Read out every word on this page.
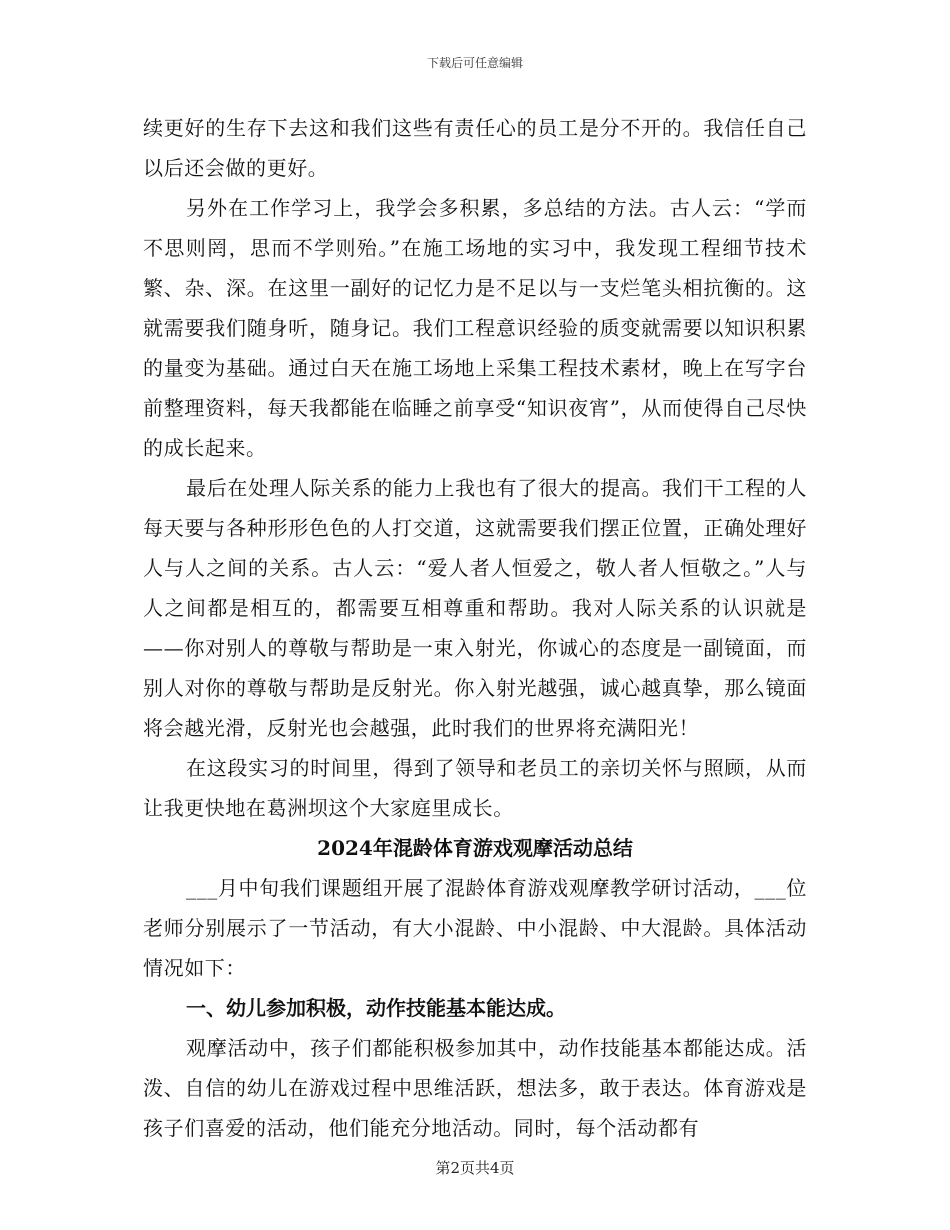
下载后可任意编辑

续更好的生存下去这和我们这些有责任心的员工是分不开的。我信任自己以后还会做的更好。

另外在工作学习上，我学会多积累，多总结的方法。古人云：“学而不思则罔，思而不学则殆。”在施工场地的实习中，我发现工程细节技术繁、杂、深。在这里一副好的记忆力是不足以与一支烂笔头相抗衡的。这就需要我们随身听，随身记。我们工程意识经验的质变就需要以知识积累的量变为基础。通过白天在施工场地上采集工程技术素材，晚上在写字台前整理资料，每天我都能在临睡之前享受“知识夜宵”，从而使得自己尽快的成长起来。

最后在处理人际关系的能力上我也有了很大的提高。我们干工程的人每天要与各种形形色色的人打交道，这就需要我们摆正位置，正确处理好人与人之间的关系。古人云：“爱人者人恒爱之，敬人者人恒敬之。”人与人之间都是相互的，都需要互相尊重和帮助。我对人际关系的认识就是——你对别人的尊敬与帮助是一束入射光，你诚心的态度是一副镜面，而别人对你的尊敬与帮助是反射光。你入射光越强，诚心越真挚，那么镜面将会越光滑，反射光也会越强，此时我们的世界将充满阳光！

在这段实习的时间里，得到了领导和老员工的亲切关怀与照顾，从而让我更快地在葛洲坝这个大家庭里成长。

2024年混龄体育游戏观摩活动总结

___月中旬我们课题组开展了混龄体育游戏观摩教学研讨活动，___位老师分别展示了一节活动，有大小混龄、中小混龄、中大混龄。具体活动情况如下：

一、幼儿参加积极，动作技能基本能达成。

观摩活动中，孩子们都能积极参加其中，动作技能基本都能达成。活泼、自信的幼儿在游戏过程中思维活跃，想法多，敢于表达。体育游戏是孩子们喜爱的活动，他们能充分地活动。同时，每个活动都有

第2页共4页
